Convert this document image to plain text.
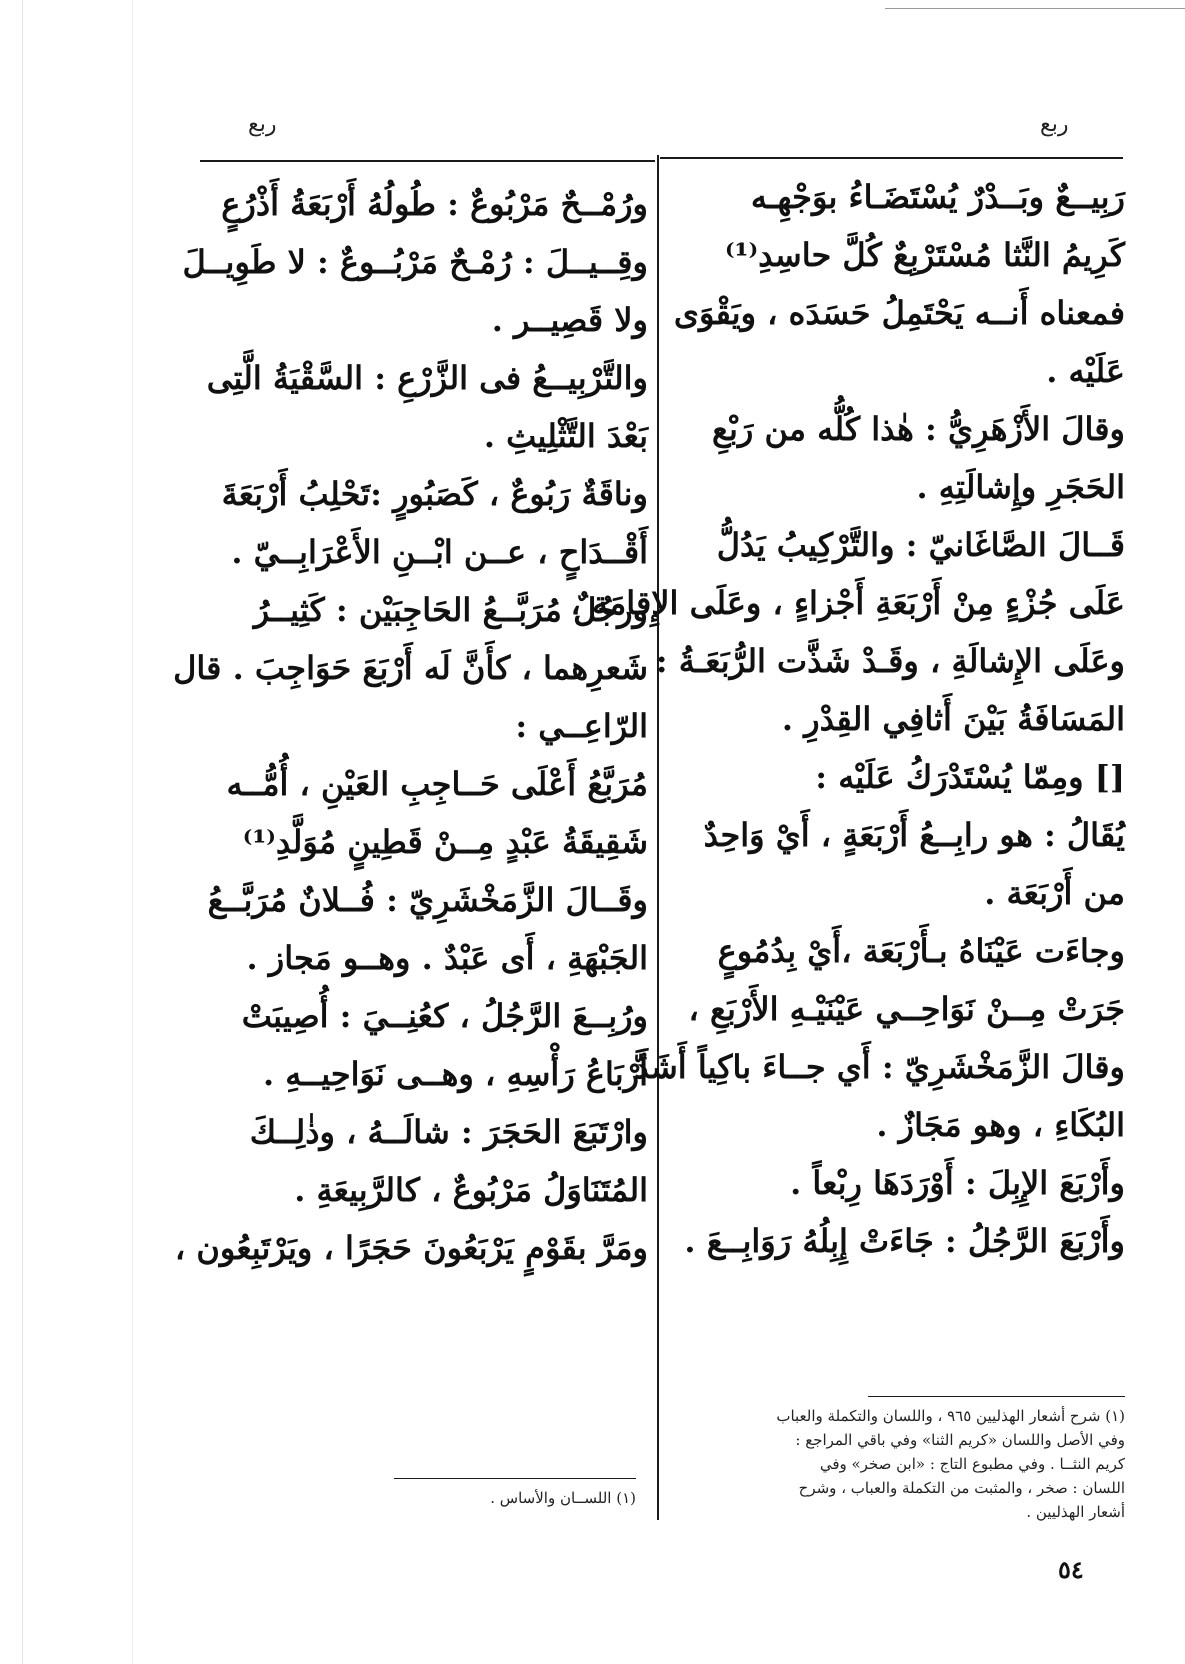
ربع
ربع
رَبِيــعٌ وبَــدْرٌ يُسْتَضَـاءُ بوَجْهِـه
كَرِيمُ النَّثا مُسْتَرْبِعٌ كُلَّ حاسِدِ⁽¹⁾
فمعناه أَنــه يَحْتَمِلُ حَسَدَه ، ويَقْوَى
عَلَيْه .
وقالَ الأَزْهَرِيُّ : هٰذا كُلُّه من رَبْعِ
الحَجَرِ وإِشالَتِهِ .
قَــالَ الصَّاغَانيّ : والتَّرْكِيبُ يَدُلُّ
عَلَى جُزْءٍ مِنْ أَرْبَعَةِ أَجْزاءٍ ، وعَلَى الإِقامَةِ ،
وعَلَى الإِشالَةِ ، وقَـدْ شَذَّت الرُّبَعَـةُ :
المَسَافَةُ بَيْنَ أَثافِي القِدْرِ .
[] ومِمّا يُسْتَدْرَكُ عَلَيْه :
يُقَالُ : هو رابِــعُ أَرْبَعَةٍ ، أَيْ وَاحِدٌ
من أَرْبَعَة .
وجاءَت عَيْنَاهُ بـأَرْبَعَة ،أَيْ بِدُمُوعٍ
جَرَتْ مِــنْ نَوَاحِــي عَيْنَيْـهِ الأَرْبَعِ ،
وقالَ الزَّمَخْشَرِيّ : أَي جــاءَ باكِياً أَشَدَّ
البُكَاءِ ، وهو مَجَازٌ .
وأَرْبَعَ الإِبِلَ : أَوْرَدَهَا رِبْعاً .
وأَرْبَعَ الرَّجُلُ : جَاءَتْ إِبِلُهُ رَوَابِــعَ .
ورُمْــحٌ مَرْبُوعٌ : طُولُهُ أَرْبَعَةُ أَذْرُعٍ
وقِــيــلَ : رُمْـحٌ مَرْبُــوعٌ : لا طَوِيــلَ
ولا قَصِيــر .
والتَّرْبِيــعُ فى الزَّرْعِ : السَّقْيَةُ الَّتِى
بَعْدَ التَّثْلِيثِ .
وناقَةٌ رَبُوعٌ ، كَصَبُورٍ :تَحْلِبُ أَرْبَعَةَ
أَقْــدَاحٍ ، عــن ابْــنِ الأَعْرَابِــيّ .
ورجُلٌ مُرَبَّــعُ الحَاجِبَيْن : كَثِيــرُ
شَعرِهما ، كأَنَّ لَه أَرْبَعَ حَوَاجِبَ . قال
الرّاعِــي :
مُرَبَّعُ أَعْلَى حَــاجِبِ العَيْنِ ، أُمُّــه
شَقِيقَةُ عَبْدٍ مِــنْ قَطِينٍ مُوَلَّدِ⁽¹⁾
وقَــالَ الزَّمَخْشَرِيّ : فُــلانٌ مُرَبَّــعُ
الجَبْهَةِ ، أَى عَبْدٌ . وهــو مَجاز .
ورُبِــعَ الرَّجُلُ ، كعُنِــيَ : أُصِيبَتْ
أَرْبَاعُ رَأْسِهِ ، وهــى نَوَاحِيــهِ .
وارْتَبَعَ الحَجَرَ : شالَــهُ ، وذٰلِــكَ
المُتَنَاوَلُ مَرْبُوعٌ ، كالرَّبِيعَةِ .
ومَرَّ بقَوْمٍ يَرْبَعُونَ حَجَرًا ، ويَرْتَبِعُون ،
(١) شرح أشعار الهذليين ٩٦٥ ، واللسان والتكملة والعباب
وفي الأصل واللسان «كريم الثنا» وفي باقي المراجع :
كريم النثــا . وفي مطبوع التاج : «ابن صخر» وفي
اللسان : صخر ، والمثبت من التكملة والعباب ، وشرح
أشعار الهذليين .
(١) اللســان والأساس .
٥٤
